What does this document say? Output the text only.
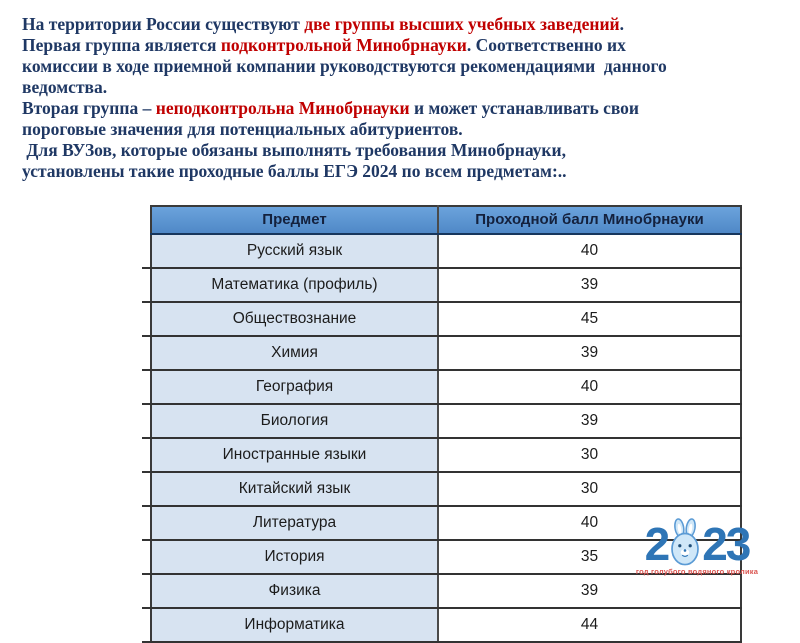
На территории России существуют две группы высших учебных заведений.
Первая группа является подконтрольной Минобрнауки. Соответственно их
комиссии в ходе приемной компании руководствуются рекомендациями  данного
ведомства.
Вторая группа – неподконтрольна Минобрнауки и может устанавливать свои
пороговые значения для потенциальных абитуриентов.
Для ВУЗов, которые обязаны выполнять требования Минобрнауки,
установлены такие проходные баллы ЕГЭ 2024 по всем предметам:..
Предмет	Проходной балл Минобрнауки
Русский язык	40
Математика (профиль)	39
Обществознание	45
Химия	39
География	40
Биология	39
Иностранные языки	30
Китайский язык	30
Литература	40
История	35
Физика	39
Информатика	44
2 23
год голубого водяного кролика
